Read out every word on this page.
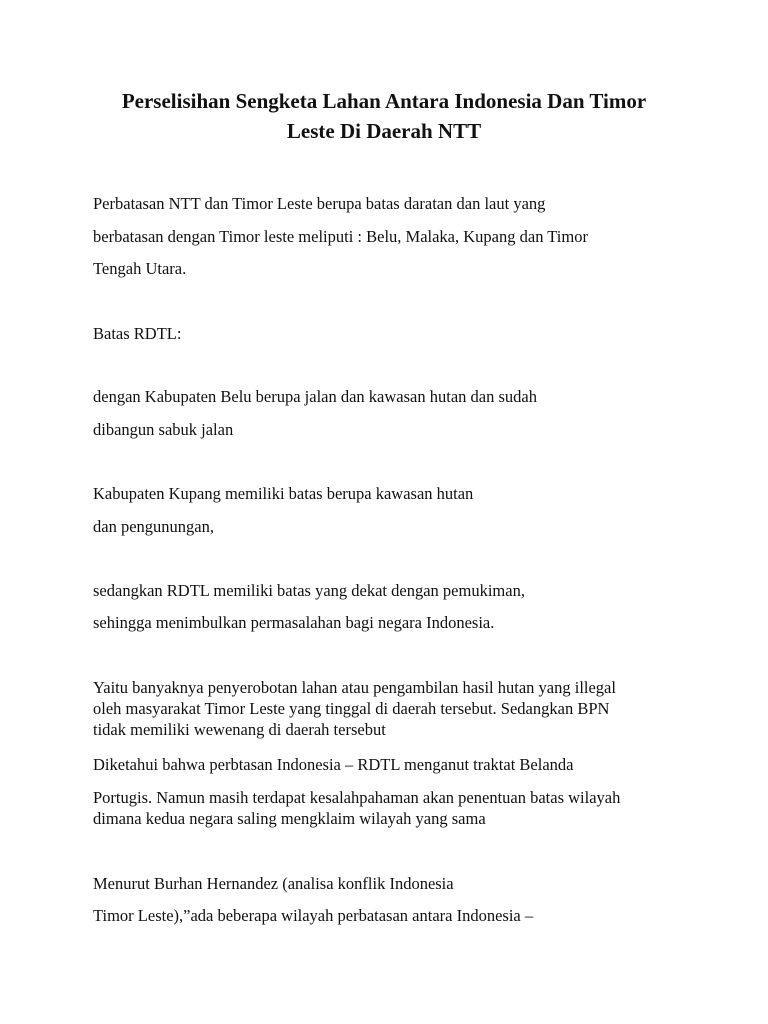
Perselisihan Sengketa Lahan Antara Indonesia Dan Timor
Leste Di Daerah NTT

Perbatasan NTT dan Timor Leste berupa batas daratan dan laut yang

berbatasan dengan Timor leste meliputi : Belu, Malaka, Kupang dan Timor

Tengah Utara.

Batas RDTL:

dengan Kabupaten Belu berupa jalan dan kawasan hutan dan sudah

dibangun sabuk jalan

Kabupaten Kupang memiliki batas berupa kawasan hutan

dan pengunungan,

sedangkan RDTL memiliki batas yang dekat dengan pemukiman,

sehingga menimbulkan permasalahan bagi negara Indonesia.

Yaitu banyaknya penyerobotan lahan atau pengambilan hasil hutan yang illegal

oleh masyarakat Timor Leste yang tinggal di daerah tersebut. Sedangkan BPN

tidak memiliki wewenang di daerah tersebut

Diketahui bahwa perbtasan Indonesia – RDTL menganut traktat Belanda

Portugis. Namun masih terdapat kesalahpahaman akan penentuan batas wilayah

dimana kedua negara saling mengklaim wilayah yang sama

Menurut Burhan Hernandez (analisa konflik Indonesia

Timor Leste),”ada beberapa wilayah perbatasan antara Indonesia –
